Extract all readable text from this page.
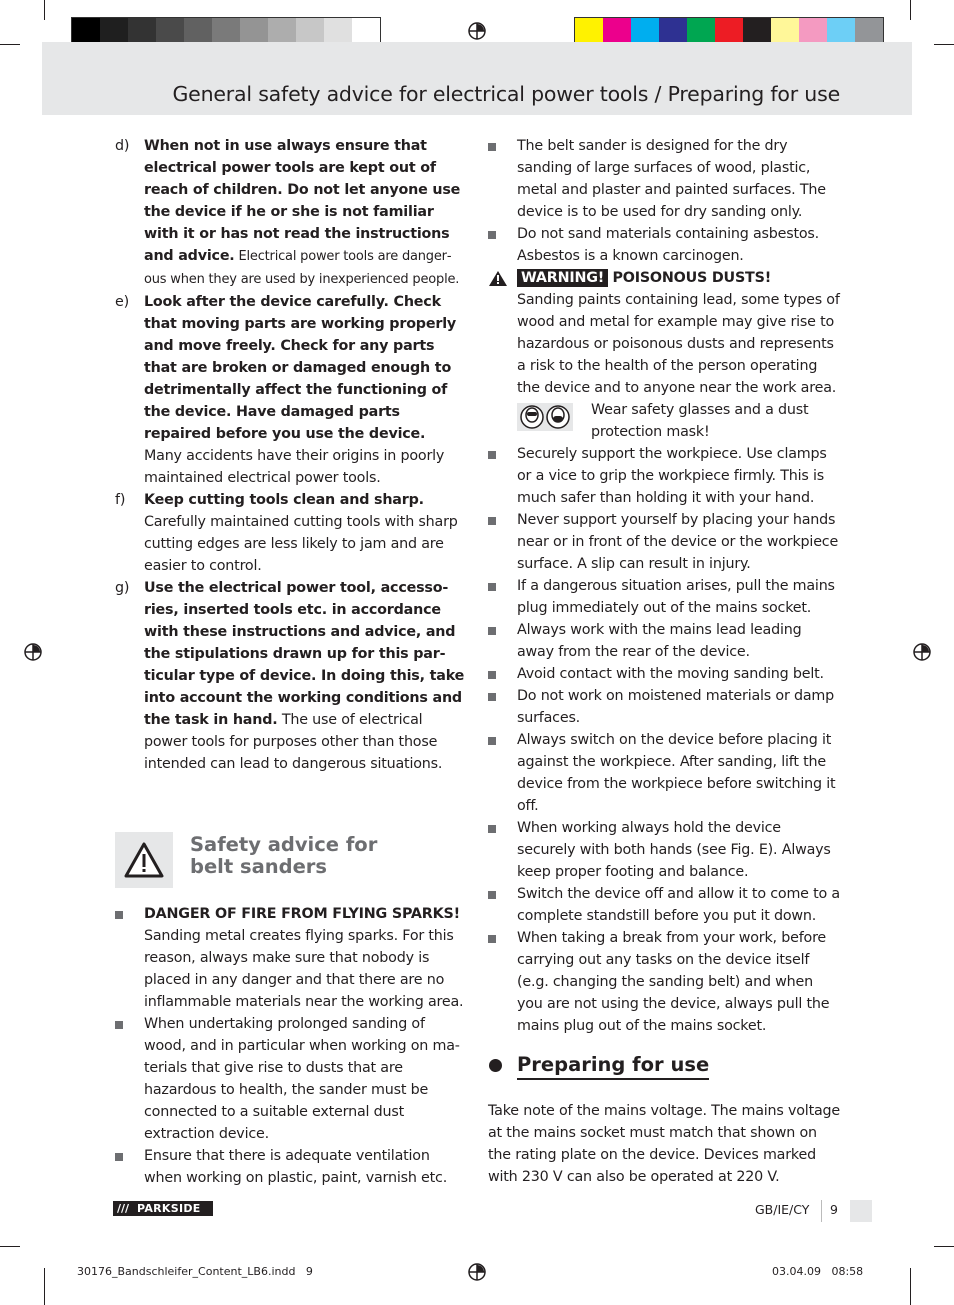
General safety advice for electrical power tools / Preparing for use
d) When not in use always ensure that electrical power tools are kept out of reach of children. Do not let anyone use the device if he or she is not familiar with it or has not read the instructions and advice. Electrical power tools are dangerous when they are used by inexperienced people.
e) Look after the device carefully. Check that moving parts are working properly and move freely. Check for any parts that are broken or damaged enough to detrimentally affect the functioning of the device. Have damaged parts repaired before you use the device. Many accidents have their origins in poorly maintained electrical power tools.
f) Keep cutting tools clean and sharp. Carefully maintained cutting tools with sharp cutting edges are less likely to jam and are easier to control.
g) Use the electrical power tool, accessories, inserted tools etc. in accordance with these instructions and advice, and the stipulations drawn up for this particular type of device. In doing this, take into account the working conditions and the task in hand. The use of electrical power tools for purposes other than those intended can lead to dangerous situations.
Safety advice for
belt sanders
DANGER OF FIRE FROM FLYING SPARKS! Sanding metal creates flying sparks. For this reason, always make sure that nobody is placed in any danger and that there are no inflammable materials near the working area.
When undertaking prolonged sanding of wood, and in particular when working on materials that give rise to dusts that are hazardous to health, the sander must be connected to a suitable external dust extraction device.
Ensure that there is adequate ventilation when working on plastic, paint, varnish etc.
The belt sander is designed for the dry sanding of large surfaces of wood, plastic, metal and plaster and painted surfaces. The device is to be used for dry sanding only.
Do not sand materials containing asbestos. Asbestos is a known carcinogen.
WARNING! POISONOUS DUSTS!
Sanding paints containing lead, some types of wood and metal for example may give rise to hazardous or poisonous dusts and represents a risk to the health of the person operating the device and to anyone near the work area.
Wear safety glasses and a dust protection mask!
Securely support the workpiece. Use clamps or a vice to grip the workpiece firmly. This is much safer than holding it with your hand.
Never support yourself by placing your hands near or in front of the device or the workpiece surface. A slip can result in injury.
If a dangerous situation arises, pull the mains plug immediately out of the mains socket.
Always work with the mains lead leading away from the rear of the device.
Avoid contact with the moving sanding belt.
Do not work on moistened materials or damp surfaces.
Always switch on the device before placing it against the workpiece. After sanding, lift the device from the workpiece before switching it off.
When working always hold the device securely with both hands (see Fig. E). Always keep proper footing and balance.
Switch the device off and allow it to come to a complete standstill before you put it down.
When taking a break from your work, before carrying out any tasks on the device itself (e.g. changing the sanding belt) and when you are not using the device, always pull the mains plug out of the mains socket.
Preparing for use
Take note of the mains voltage. The mains voltage at the mains socket must match that shown on the rating plate on the device. Devices marked with 230 V can also be operated at 220 V.
/// PARKSIDE	GB/IE/CY 9
30176_Bandschleifer_Content_LB6.indd   9	03.04.09   08:58
